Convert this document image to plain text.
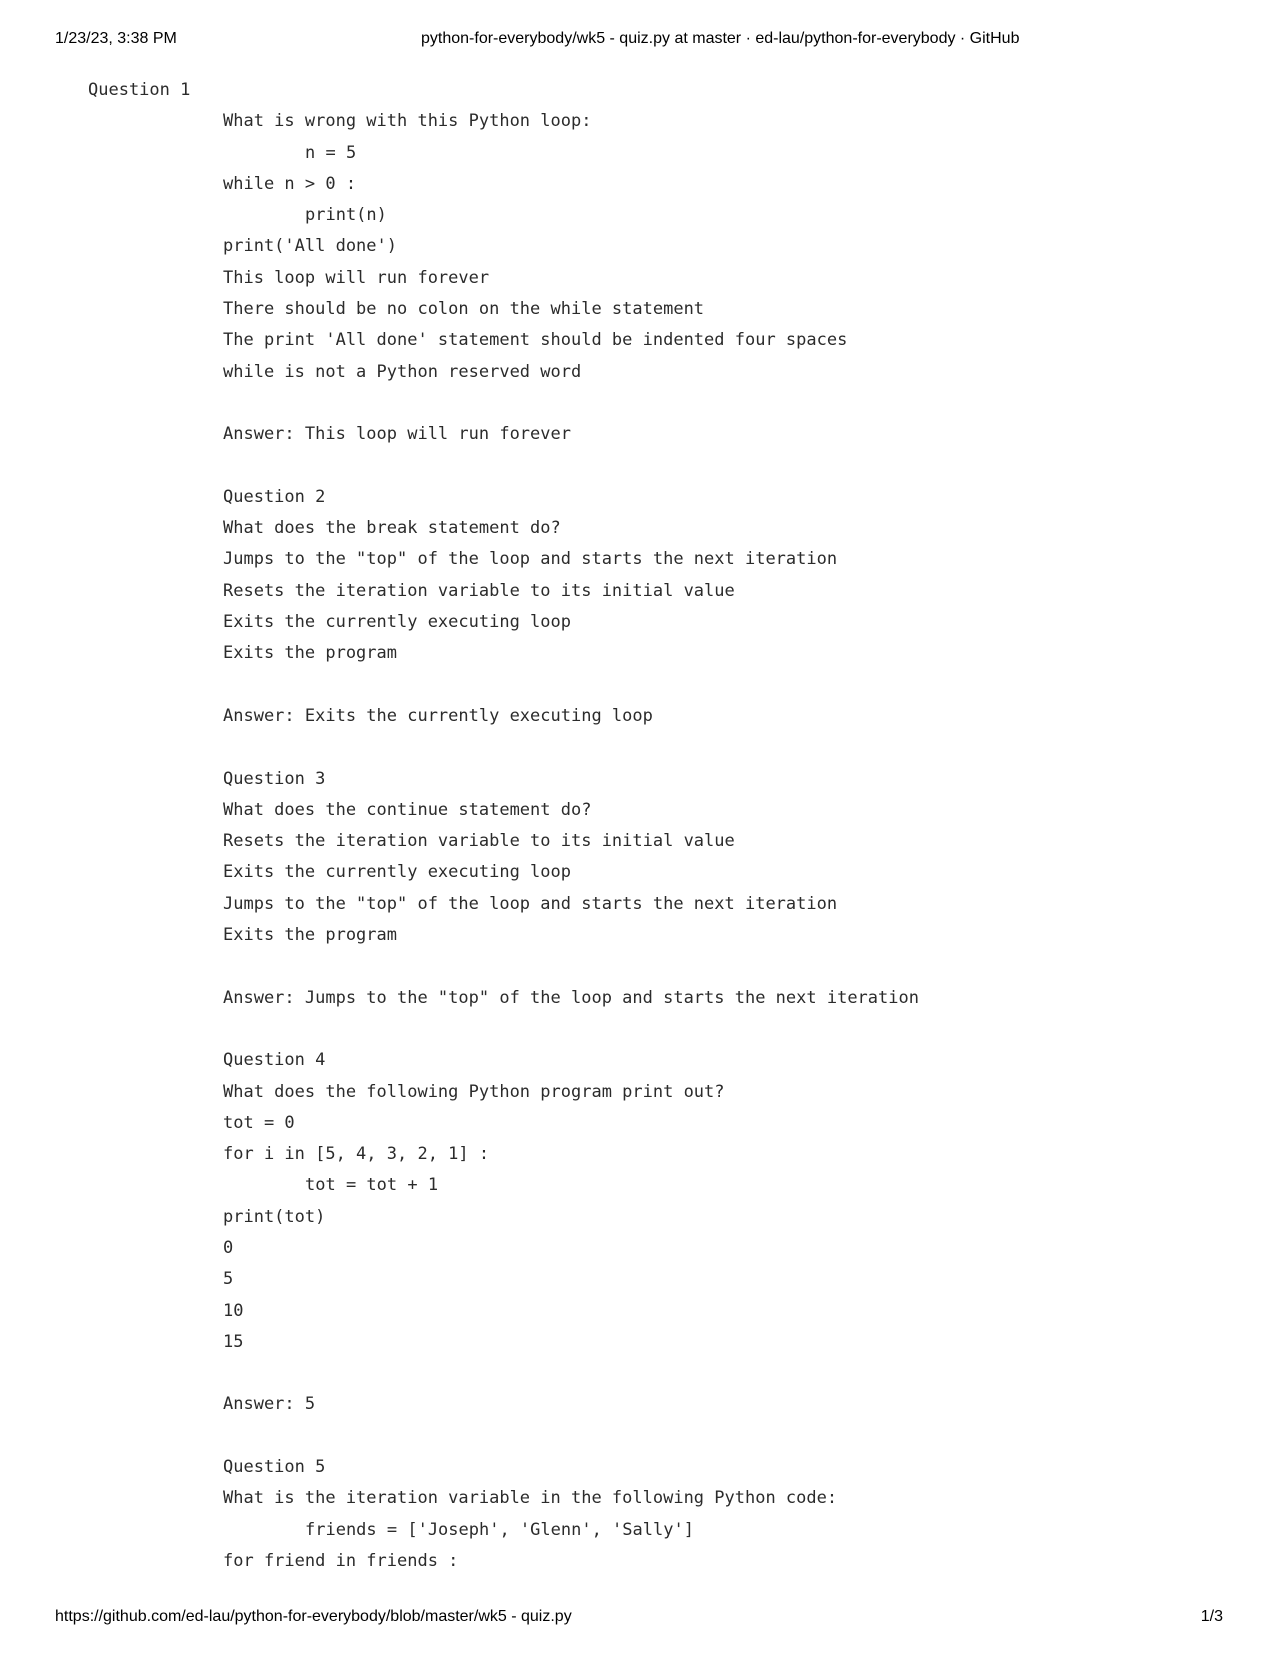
1/23/23, 3:38 PM	python-for-everybody/wk5 - quiz.py at master · ed-lau/python-for-everybody · GitHub
Question 1
What is wrong with this Python loop:
n = 5
while n > 0 :
print(n)
print('All done')
This loop will run forever
There should be no colon on the while statement
The print 'All done' statement should be indented four spaces
while is not a Python reserved word
Answer: This loop will run forever
Question 2
What does the break statement do?
Jumps to the "top" of the loop and starts the next iteration
Resets the iteration variable to its initial value
Exits the currently executing loop
Exits the program
Answer: Exits the currently executing loop
Question 3
What does the continue statement do?
Resets the iteration variable to its initial value
Exits the currently executing loop
Jumps to the "top" of the loop and starts the next iteration
Exits the program
Answer: Jumps to the "top" of the loop and starts the next iteration
Question 4
What does the following Python program print out?
tot = 0
for i in [5, 4, 3, 2, 1] :
tot = tot + 1
print(tot)
0
5
10
15
Answer: 5
Question 5
What is the iteration variable in the following Python code:
friends = ['Joseph', 'Glenn', 'Sally']
for friend in friends :
https://github.com/ed-lau/python-for-everybody/blob/master/wk5 - quiz.py	1/3
